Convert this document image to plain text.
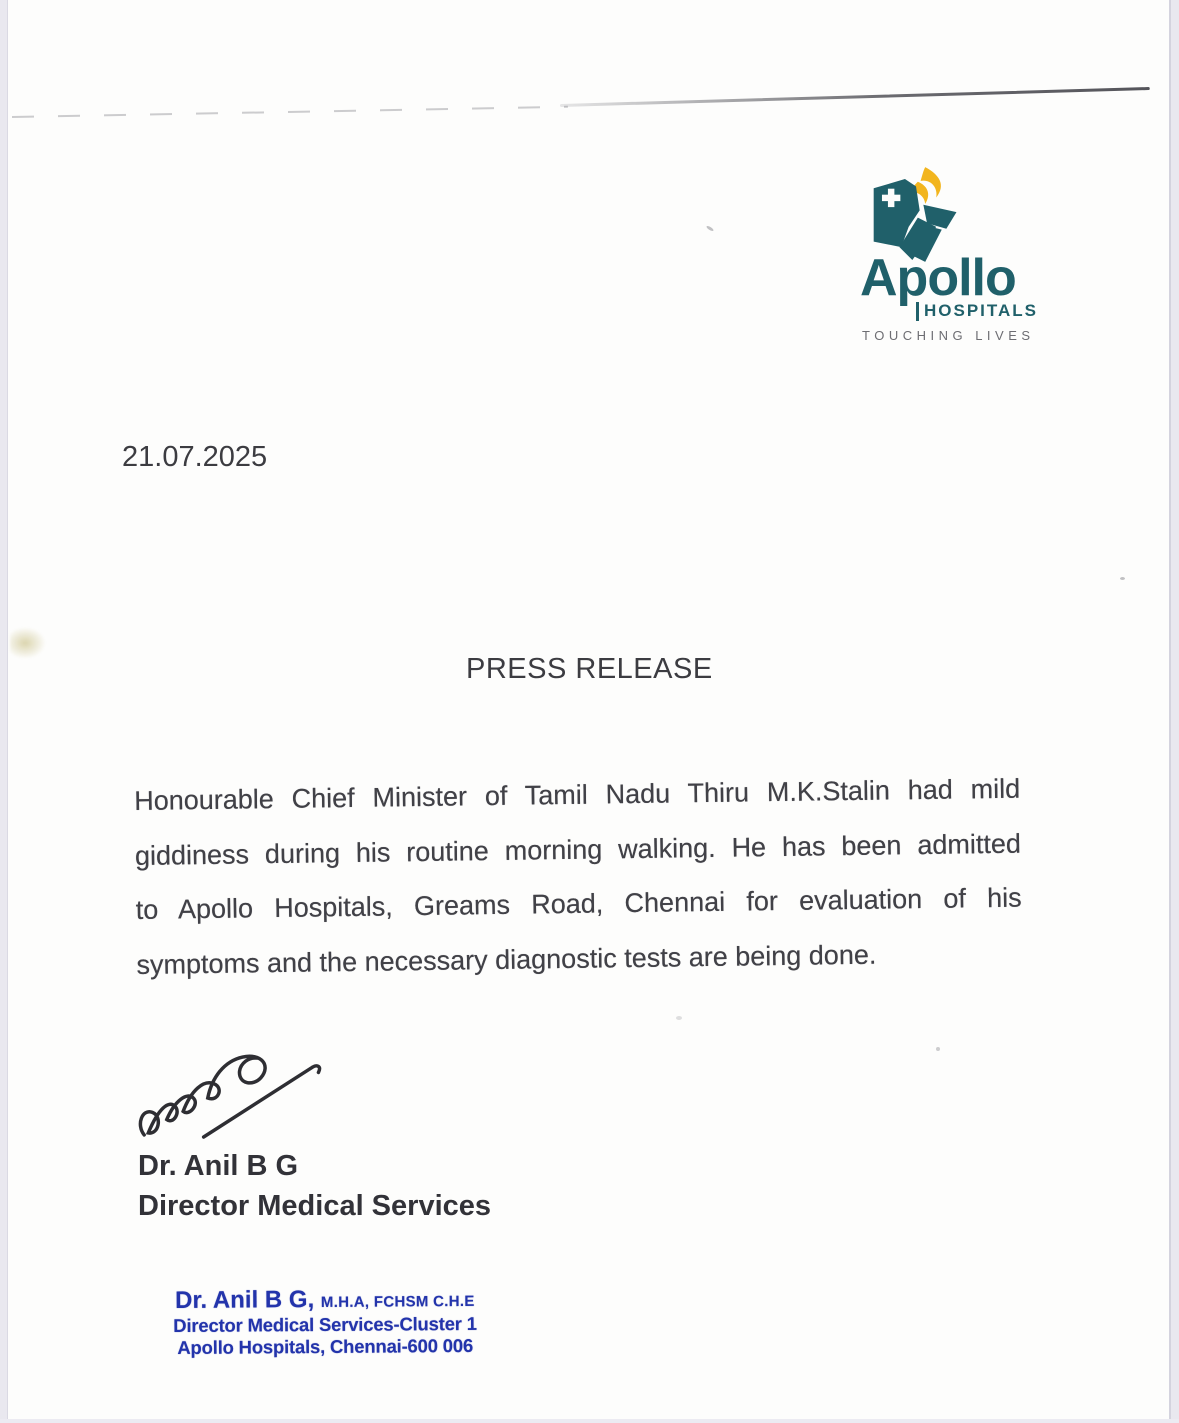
Apollo
HOSPITALS
TOUCHING LIVES
21.07.2025
PRESS RELEASE
Honourable Chief Minister of Tamil Nadu Thiru M.K.Stalin had mild
giddiness during his routine morning walking. He has been admitted
to Apollo Hospitals, Greams Road, Chennai for evaluation of his
symptoms and the necessary diagnostic tests are being done.
Dr. Anil B G
Director Medical Services
Dr. Anil B G, M.H.A, FCHSM C.H.E
Director Medical Services-Cluster 1
Apollo Hospitals, Chennai-600 006
